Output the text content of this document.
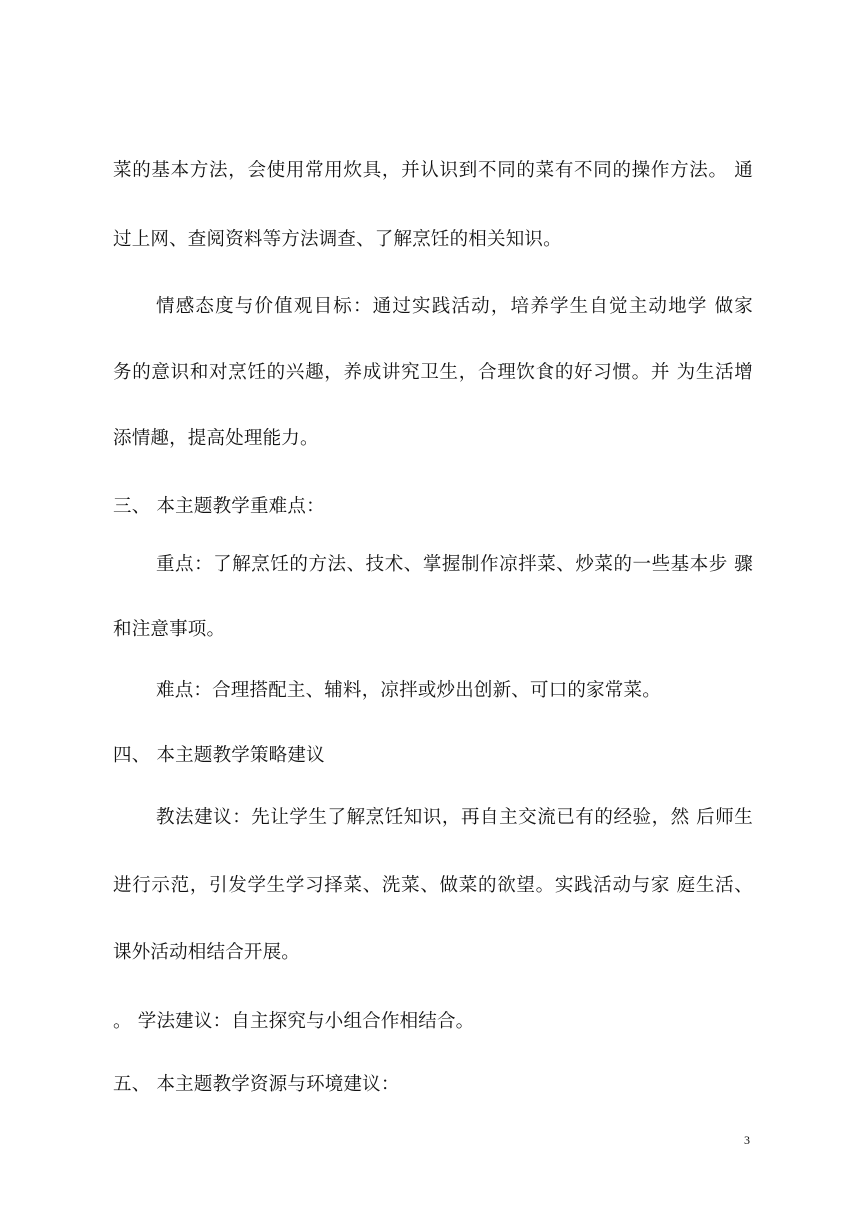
菜的基本方法，会使用常用炊具，并认识到不同的菜有不同的操作方法。 通
过上网、查阅资料等方法调查、了解烹饪的相关知识。
情感态度与价值观目标：通过实践活动，培养学生自觉主动地学 做家
务的意识和对烹饪的兴趣，养成讲究卫生，合理饮食的好习惯。并 为生活增
添情趣，提高处理能力。
三、 本主题教学重难点：
重点：了解烹饪的方法、技术、掌握制作凉拌菜、炒菜的一些基本步 骤
和注意事项。
难点：合理搭配主、辅料，凉拌或炒出创新、可口的家常菜。
四、 本主题教学策略建议
教法建议：先让学生了解烹饪知识，再自主交流已有的经验，然 后师生
进行示范，引发学生学习择菜、洗菜、做菜的欲望。实践活动与家 庭生活、
课外活动相结合开展。
。 学法建议：自主探究与小组合作相结合。
五、 本主题教学资源与环境建议：
3
